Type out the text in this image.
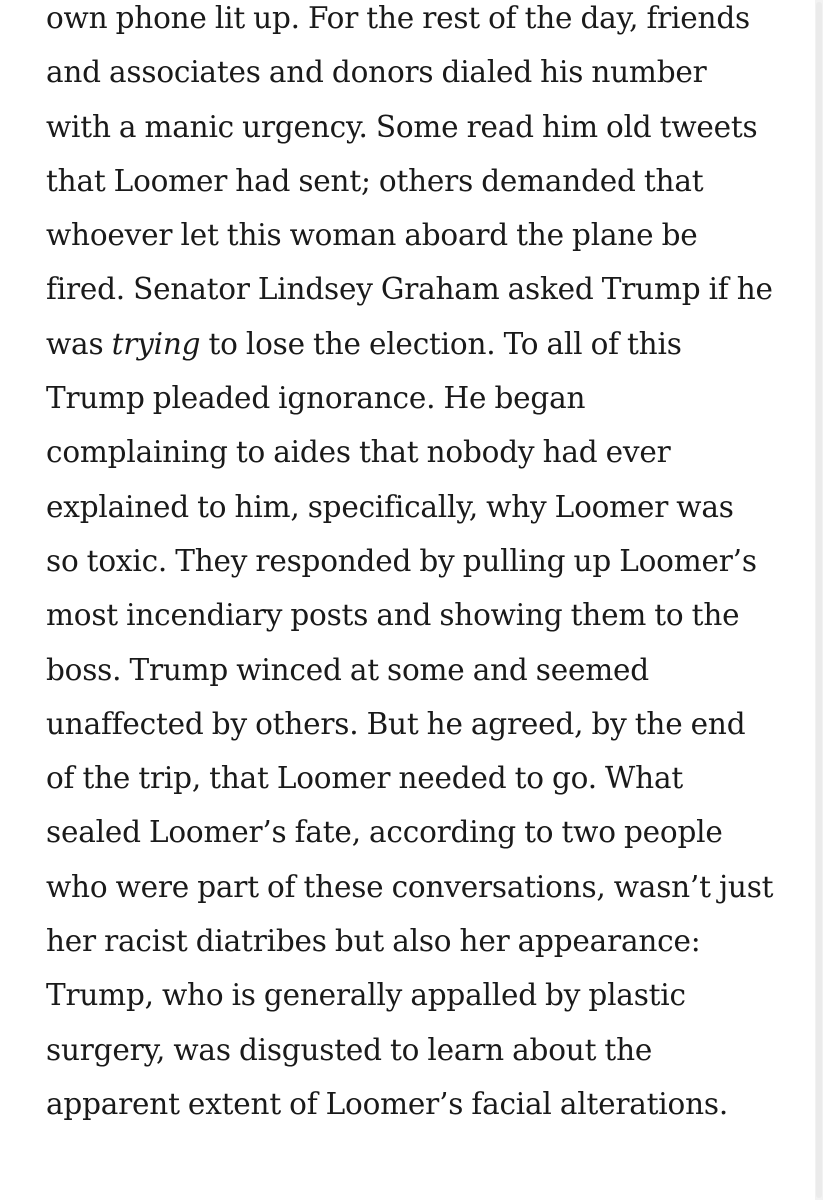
own phone lit up. For the rest of the day, friends
and associates and donors dialed his number
with a manic urgency. Some read him old tweets
that Loomer had sent; others demanded that
whoever let this woman aboard the plane be
fired. Senator Lindsey Graham asked Trump if he
was trying to lose the election. To all of this
Trump pleaded ignorance. He began
complaining to aides that nobody had ever
explained to him, specifically, why Loomer was
so toxic. They responded by pulling up Loomer’s
most incendiary posts and showing them to the
boss. Trump winced at some and seemed
unaffected by others. But he agreed, by the end
of the trip, that Loomer needed to go. What
sealed Loomer’s fate, according to two people
who were part of these conversations, wasn’t just
her racist diatribes but also her appearance:
Trump, who is generally appalled by plastic
surgery, was disgusted to learn about the
apparent extent of Loomer’s facial alterations.
